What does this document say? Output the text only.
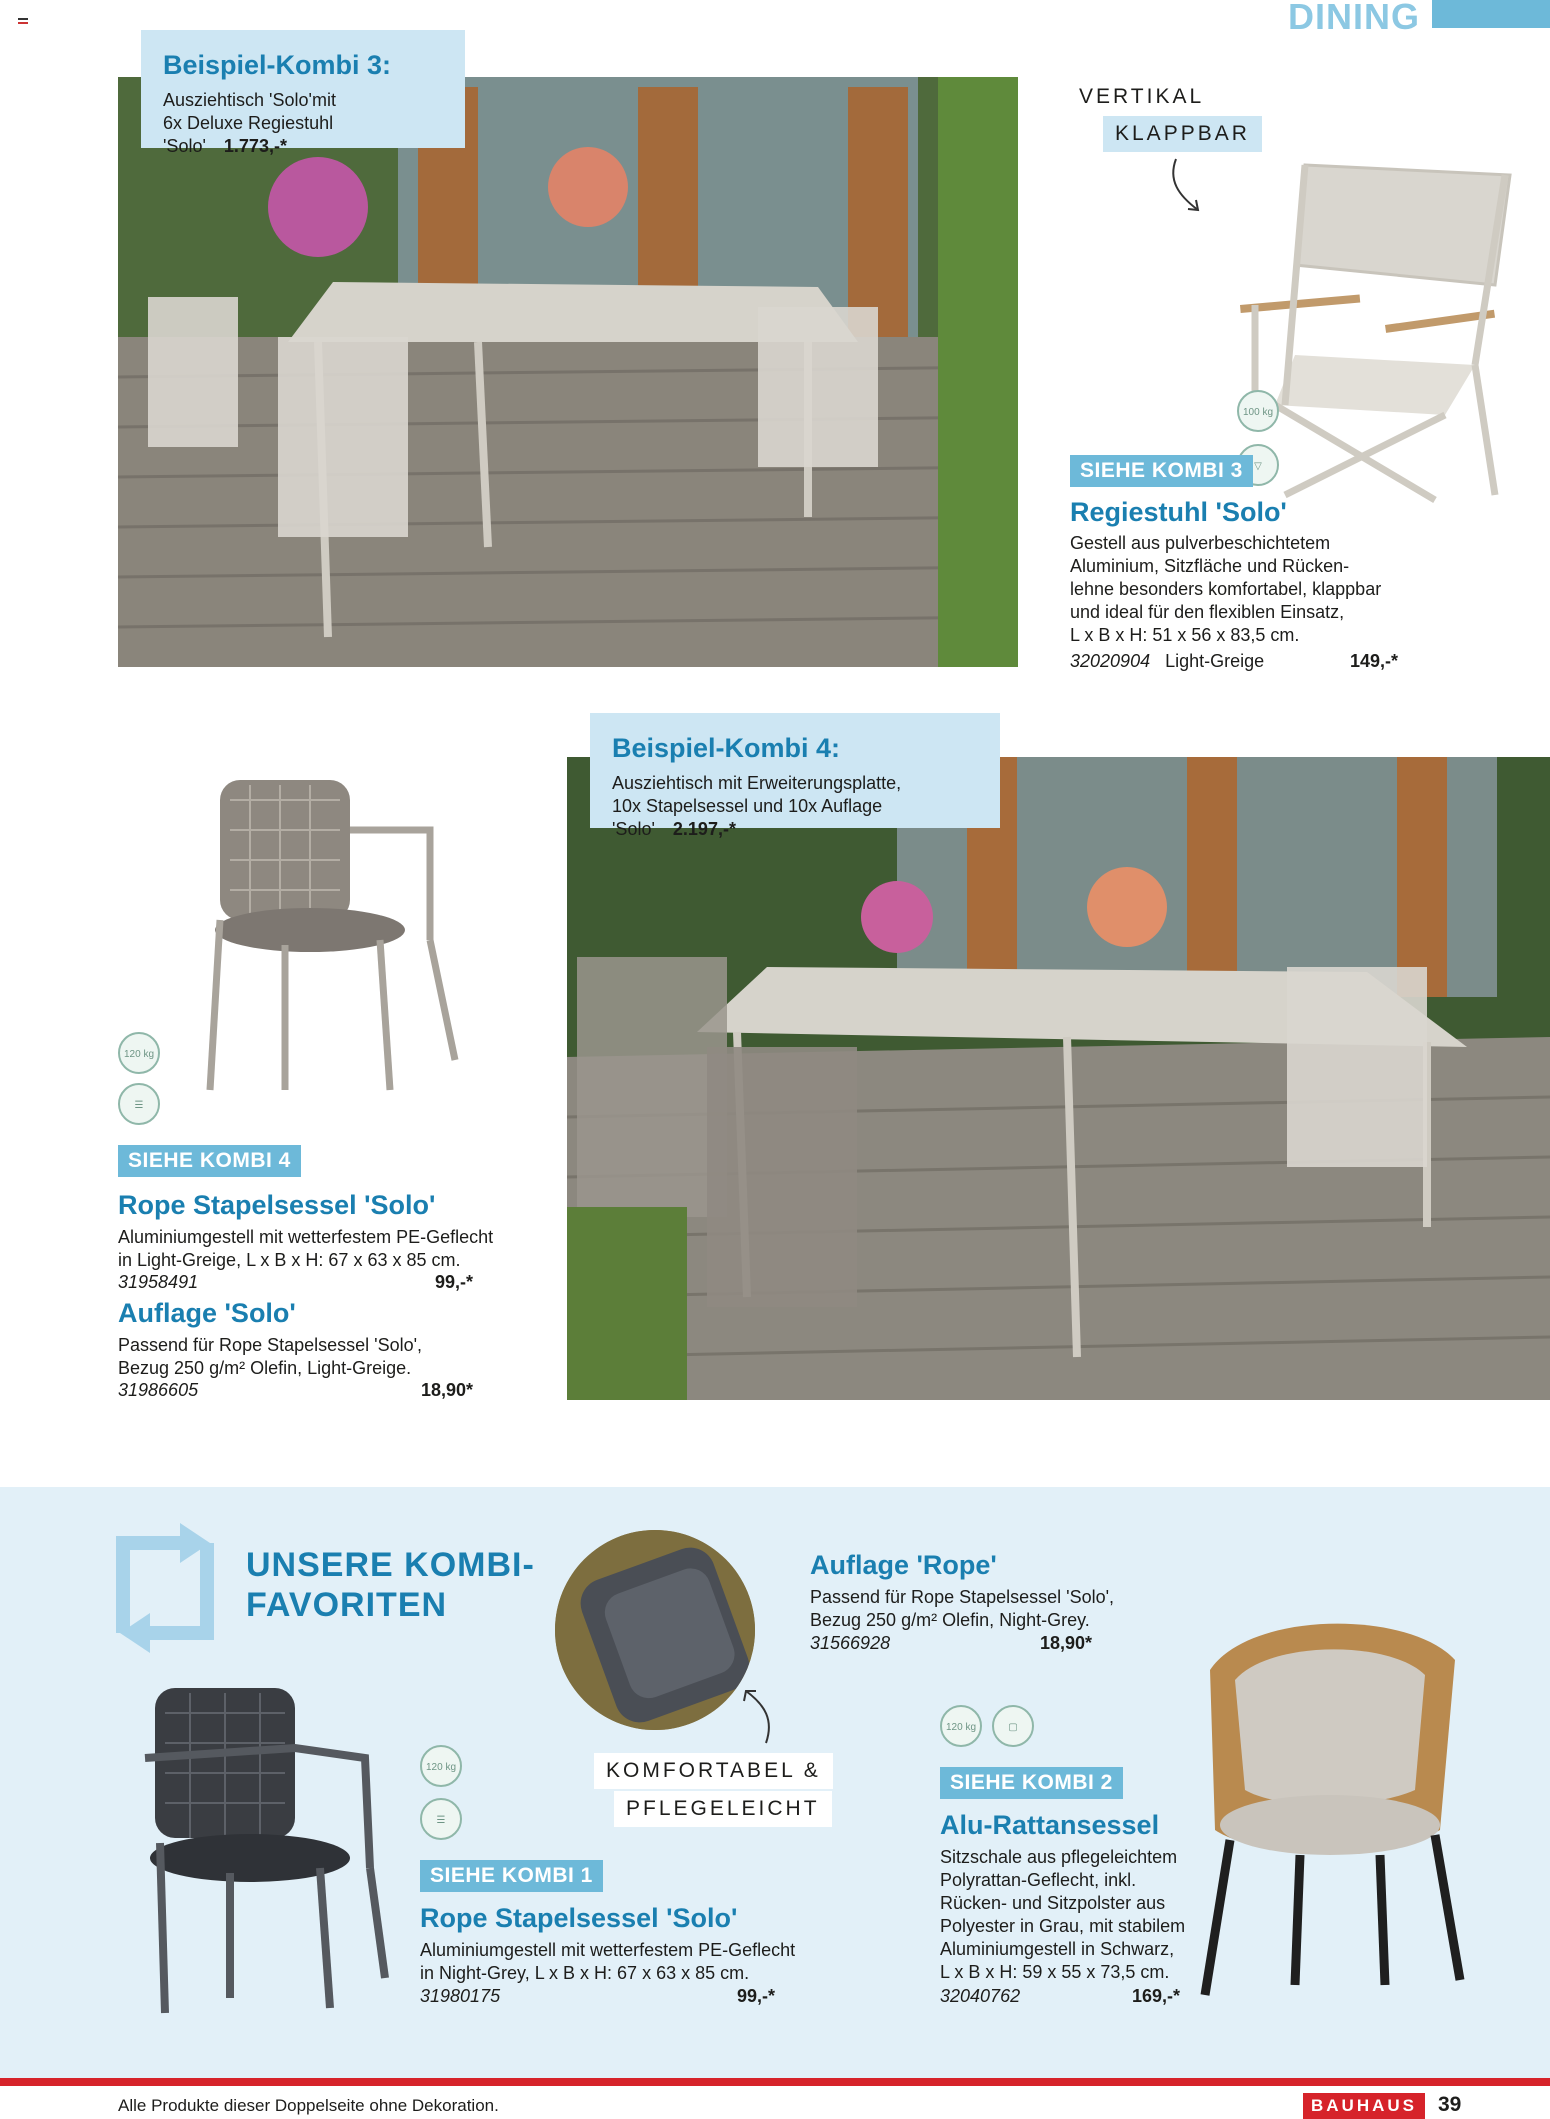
DINING
Beispiel-Kombi 3:
Ausziehtisch 'Solo'mit
6x Deluxe Regiestuhl 'Solo' 1.773,-*
VERTIKAL
KLAPPBAR
100 kg
▽
SIEHE KOMBI 3
Regiestuhl 'Solo'
Gestell aus pulverbeschichtetem
Aluminium, Sitzfläche und Rücken-
lehne besonders komfortabel, klappbar
und ideal für den flexiblen Einsatz,
L x B x H: 51 x 56 x 83,5 cm.
32020904 Light-Greige	149,-*
120 kg
☰
SIEHE KOMBI 4
Rope Stapelsessel 'Solo'
Aluminiumgestell mit wetterfestem PE-Geflecht
in Light-Greige, L x B x H: 67 x 63 x 85 cm.
31958491	99,-*
Auflage 'Solo'
Passend für Rope Stapelsessel 'Solo',
Bezug 250 g/m² Olefin, Light-Greige.
31986605	18,90*
Beispiel-Kombi 4:
Ausziehtisch mit Erweiterungsplatte,
10x Stapelsessel und 10x Auflage 'Solo' 2.197,-*
UNSERE KOMBI-
FAVORITEN
Auflage 'Rope'
Passend für Rope Stapelsessel 'Solo',
Bezug 250 g/m² Olefin, Night-Grey.
31566928	18,90*
120 kg
☰
KOMFORTABEL &
PFLEGELEICHT
SIEHE KOMBI 1
Rope Stapelsessel 'Solo'
Aluminiumgestell mit wetterfestem PE-Geflecht
in Night-Grey, L x B x H: 67 x 63 x 85 cm.
31980175	99,-*
120 kg	▢
SIEHE KOMBI 2
Alu-Rattansessel
Sitzschale aus pflegeleichtem
Polyrattan-Geflecht, inkl.
Rücken- und Sitzpolster aus
Polyester in Grau, mit stabilem
Aluminiumgestell in Schwarz,
L x B x H: 59 x 55 x 73,5 cm.
32040762	169,-*
Alle Produkte dieser Doppelseite ohne Dekoration.	BAUHAUS	39
